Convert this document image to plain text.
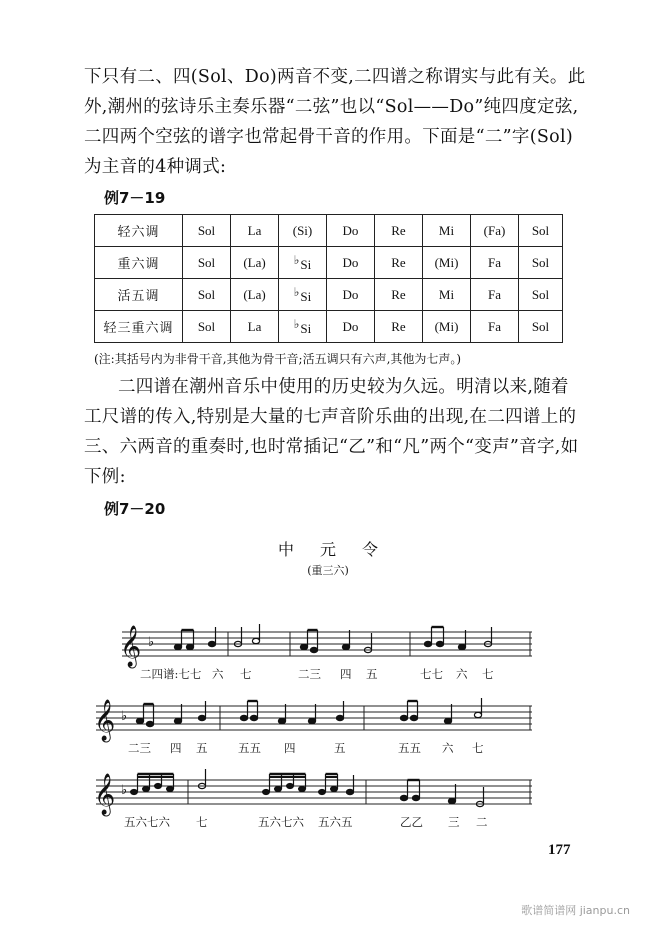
下只有二、四(Sol、Do)两音不变,二四谱之称谓实与此有关。此

外,潮州的弦诗乐主奏乐器“二弦”也以“Sol——Do”纯四度定弦,

二四两个空弦的谱字也常起骨干音的作用。下面是“二”字(Sol)

为主音的4种调式:

例7－19
轻六调	Sol	La	(Si)	Do	Re	Mi	(Fa)	Sol
重六调	Sol	(La)	♭Si	Do	Re	(Mi)	Fa	Sol
活五调	Sol	(La)	♭Si	Do	Re	Mi	Fa	Sol
轻三重六调	Sol	La	♭Si	Do	Re	(Mi)	Fa	Sol
(注:其括号内为非骨干音,其他为骨干音;活五调只有六声,其他为七声。)

二四谱在潮州音乐中使用的历史较为久远。明清以来,随着

工尺谱的传入,特别是大量的七声音阶乐曲的出现,在二四谱上的

三、六两音的重奏时,也时常插记“乙”和“凡”两个“变声”音字,如

下例:

例7－20
中元令
(重三六)
𝄞 ♭
二四谱:七七 六 七	二三 四 五	七七 六 七
𝄞 ♭
二三 四 五	五五 四	五	五五 六 七
𝄞 ♭
五六七六 七	五六七六 五六五	乙乙 三 二
177
歌谱简谱网 jianpu.cn
